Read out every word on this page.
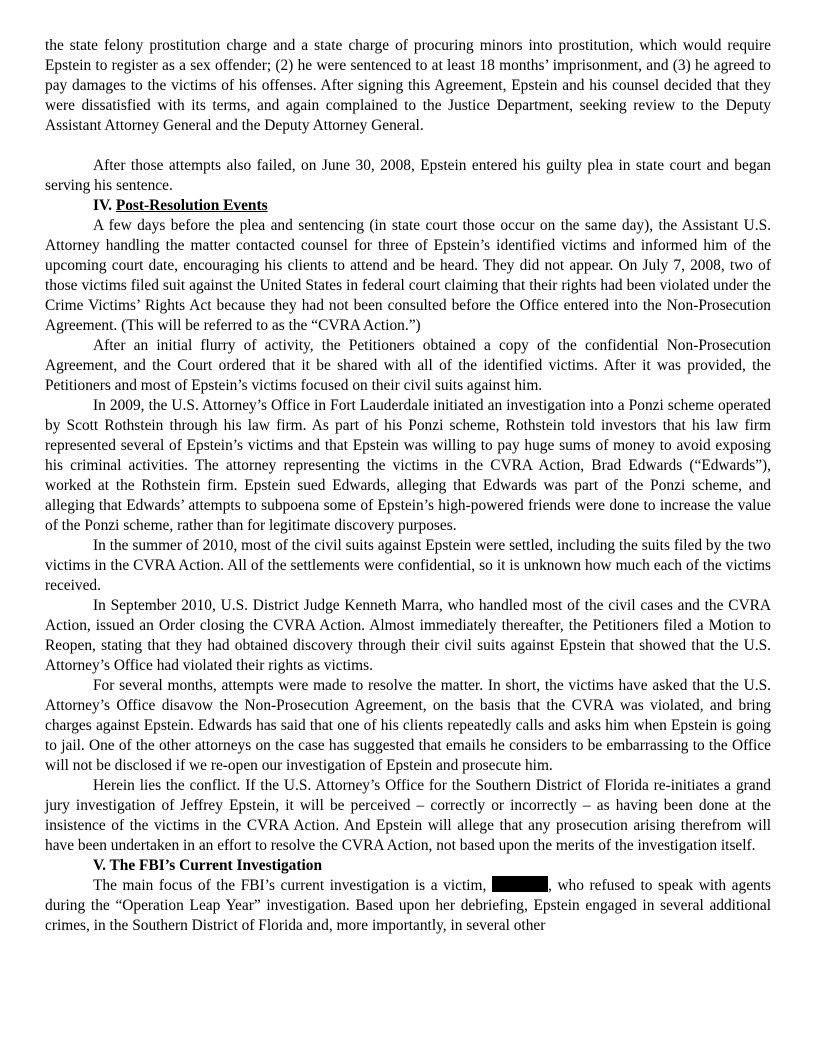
the state felony prostitution charge and a state charge of procuring minors into prostitution, which would require Epstein to register as a sex offender; (2) he were sentenced to at least 18 months’ imprisonment, and (3) he agreed to pay damages to the victims of his offenses. After signing this Agreement, Epstein and his counsel decided that they were dissatisfied with its terms, and again complained to the Justice Department, seeking review to the Deputy Assistant Attorney General and the Deputy Attorney General.

After those attempts also failed, on June 30, 2008, Epstein entered his guilty plea in state court and began serving his sentence.

IV. Post-Resolution Events

A few days before the plea and sentencing (in state court those occur on the same day), the Assistant U.S. Attorney handling the matter contacted counsel for three of Epstein’s identified victims and informed him of the upcoming court date, encouraging his clients to attend and be heard. They did not appear. On July 7, 2008, two of those victims filed suit against the United States in federal court claiming that their rights had been violated under the Crime Victims’ Rights Act because they had not been consulted before the Office entered into the Non-Prosecution Agreement. (This will be referred to as the “CVRA Action.”)

After an initial flurry of activity, the Petitioners obtained a copy of the confidential Non-Prosecution Agreement, and the Court ordered that it be shared with all of the identified victims. After it was provided, the Petitioners and most of Epstein’s victims focused on their civil suits against him.

In 2009, the U.S. Attorney’s Office in Fort Lauderdale initiated an investigation into a Ponzi scheme operated by Scott Rothstein through his law firm. As part of his Ponzi scheme, Rothstein told investors that his law firm represented several of Epstein’s victims and that Epstein was willing to pay huge sums of money to avoid exposing his criminal activities. The attorney representing the victims in the CVRA Action, Brad Edwards (“Edwards”), worked at the Rothstein firm. Epstein sued Edwards, alleging that Edwards was part of the Ponzi scheme, and alleging that Edwards’ attempts to subpoena some of Epstein’s high-powered friends were done to increase the value of the Ponzi scheme, rather than for legitimate discovery purposes.

In the summer of 2010, most of the civil suits against Epstein were settled, including the suits filed by the two victims in the CVRA Action. All of the settlements were confidential, so it is unknown how much each of the victims received.

In September 2010, U.S. District Judge Kenneth Marra, who handled most of the civil cases and the CVRA Action, issued an Order closing the CVRA Action. Almost immediately thereafter, the Petitioners filed a Motion to Reopen, stating that they had obtained discovery through their civil suits against Epstein that showed that the U.S. Attorney’s Office had violated their rights as victims.

For several months, attempts were made to resolve the matter. In short, the victims have asked that the U.S. Attorney’s Office disavow the Non-Prosecution Agreement, on the basis that the CVRA was violated, and bring charges against Epstein. Edwards has said that one of his clients repeatedly calls and asks him when Epstein is going to jail. One of the other attorneys on the case has suggested that emails he considers to be embarrassing to the Office will not be disclosed if we re-open our investigation of Epstein and prosecute him.

Herein lies the conflict. If the U.S. Attorney’s Office for the Southern District of Florida re-initiates a grand jury investigation of Jeffrey Epstein, it will be perceived – correctly or incorrectly – as having been done at the insistence of the victims in the CVRA Action. And Epstein will allege that any prosecution arising therefrom will have been undertaken in an effort to resolve the CVRA Action, not based upon the merits of the investigation itself.

V. The FBI’s Current Investigation

The main focus of the FBI’s current investigation is a victim,	, who refused to speak with agents during the “Operation Leap Year” investigation. Based upon her debriefing, Epstein engaged in several additional crimes, in the Southern District of Florida and, more importantly, in several other
